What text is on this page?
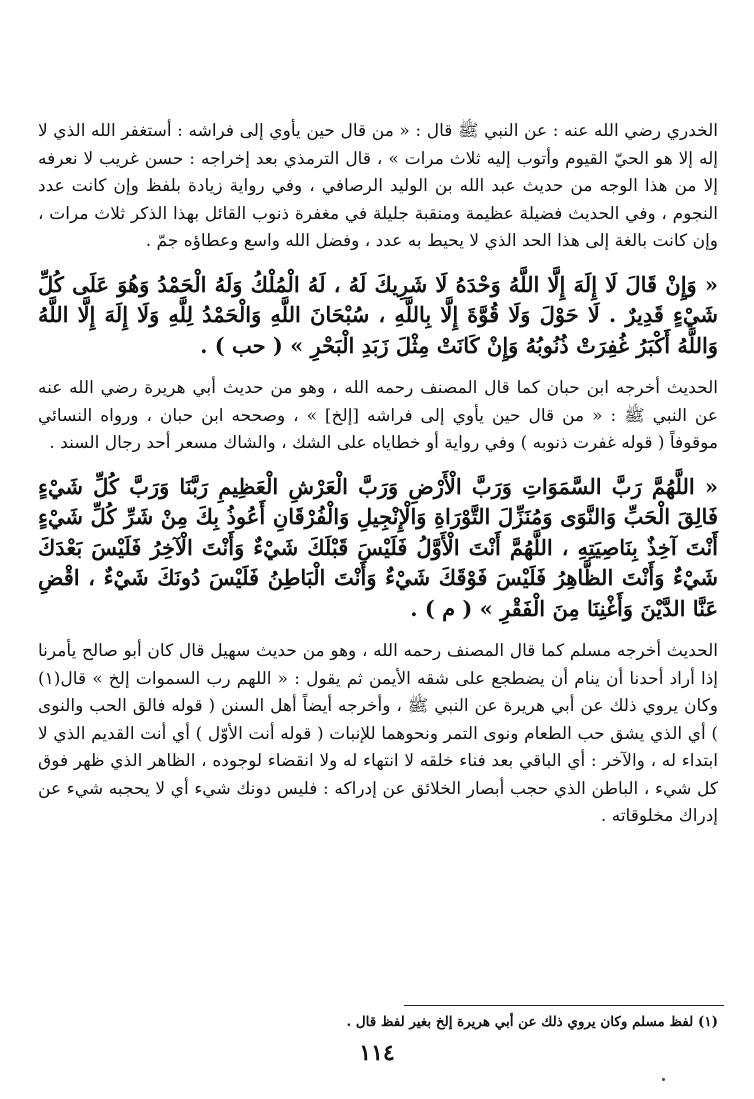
الخدري رضي الله عنه : عن النبي ﷺ قال : « من قال حين يأوي إلى فراشه : أستغفر الله الذي لا إله إلا هو الحيّ القيوم وأتوب إليه ثلاث مرات » ، قال الترمذي بعد إخراجه : حسن غريب لا نعرفه إلا من هذا الوجه من حديث عبد الله بن الوليد الرصافي ، وفي رواية زيادة بلفظ وإن كانت عدد النجوم ، وفي الحديث فضيلة عظيمة ومنقبة جليلة في مغفرة ذنوب القائل بهذا الذكر ثلاث مرات ، وإن كانت بالغة إلى هذا الحد الذي لا يحيط به عدد ، وفضل الله واسع وعطاؤه جمّ .

« وَإِنْ قَالَ لَا إِلَهَ إِلَّا اللَّهُ وَحْدَهُ لَا شَرِيكَ لَهُ ، لَهُ الْمُلْكُ وَلَهُ الْحَمْدُ وَهُوَ عَلَى كُلِّ شَيْءٍ قَدِيرٌ . لَا حَوْلَ وَلَا قُوَّةَ إِلَّا بِاللَّهِ ، سُبْحَانَ اللَّهِ وَالْحَمْدُ لِلَّهِ وَلَا إِلَهَ إِلَّا اللَّهُ وَاللَّهُ أَكْبَرُ غُفِرَتْ ذُنُوبُهُ وَإِنْ كَانَتْ مِثْلَ زَبَدِ الْبَحْرِ » ( حب ) .

الحديث أخرجه ابن حبان كما قال المصنف رحمه الله ، وهو من حديث أبي هريرة رضي الله عنه عن النبي ﷺ : « من قال حين يأوي إلى فراشه [إلخ] » ، وصححه ابن حبان ، ورواه النسائي موقوفاً ( قوله غفرت ذنوبه ) وفي رواية أو خطاياه على الشك ، والشاك مسعر أحد رجال السند .

« اللَّهُمَّ رَبَّ السَّمَوَاتِ وَرَبَّ الْأَرْضِ وَرَبَّ الْعَرْشِ الْعَظِيمِ رَبَّنَا وَرَبَّ كُلِّ شَيْءٍ فَالِقَ الْحَبِّ وَالنَّوَى وَمُنَزِّلَ التَّوْرَاةِ وَالْإِنْجِيلِ وَالْفُرْقَانِ أَعُوذُ بِكَ مِنْ شَرِّ كُلِّ شَيْءٍ أَنْتَ آخِذٌ بِنَاصِيَتِهِ ، اللَّهُمَّ أَنْتَ الْأَوَّلُ فَلَيْسَ قَبْلَكَ شَيْءٌ وَأَنْتَ الْآخِرُ فَلَيْسَ بَعْدَكَ شَيْءٌ وَأَنْتَ الظَّاهِرُ فَلَيْسَ فَوْقَكَ شَيْءٌ وَأَنْتَ الْبَاطِنُ فَلَيْسَ دُونَكَ شَيْءٌ ، اقْضِ عَنَّا الدَّيْنَ وَأَغْنِنَا مِنَ الْفَقْرِ » ( م ) .

الحديث أخرجه مسلم كما قال المصنف رحمه الله ، وهو من حديث سهيل قال كان أبو صالح يأمرنا إذا أراد أحدنا أن ينام أن يضطجع على شقه الأيمن ثم يقول : « اللهم رب السموات إلخ » قال(١) وكان يروي ذلك عن أبي هريرة عن النبي ﷺ ، وأخرجه أيضاً أهل السنن ( قوله فالق الحب والنوى ) أي الذي يشق حب الطعام ونوى التمر ونحوهما للإنبات ( قوله أنت الأوّل ) أي أنت القديم الذي لا ابتداء له ، والآخر : أي الباقي بعد فناء خلقه لا انتهاء له ولا انقضاء لوجوده ، الظاهر الذي ظهر فوق كل شيء ، الباطن الذي حجب أبصار الخلائق عن إدراكه : فليس دونك شيء أي لا يحجبه شيء عن إدراك مخلوقاته .

(١) لفظ مسلم وكان يروي ذلك عن أبي هريرة إلخ بغير لفظ قال .
١١٤
